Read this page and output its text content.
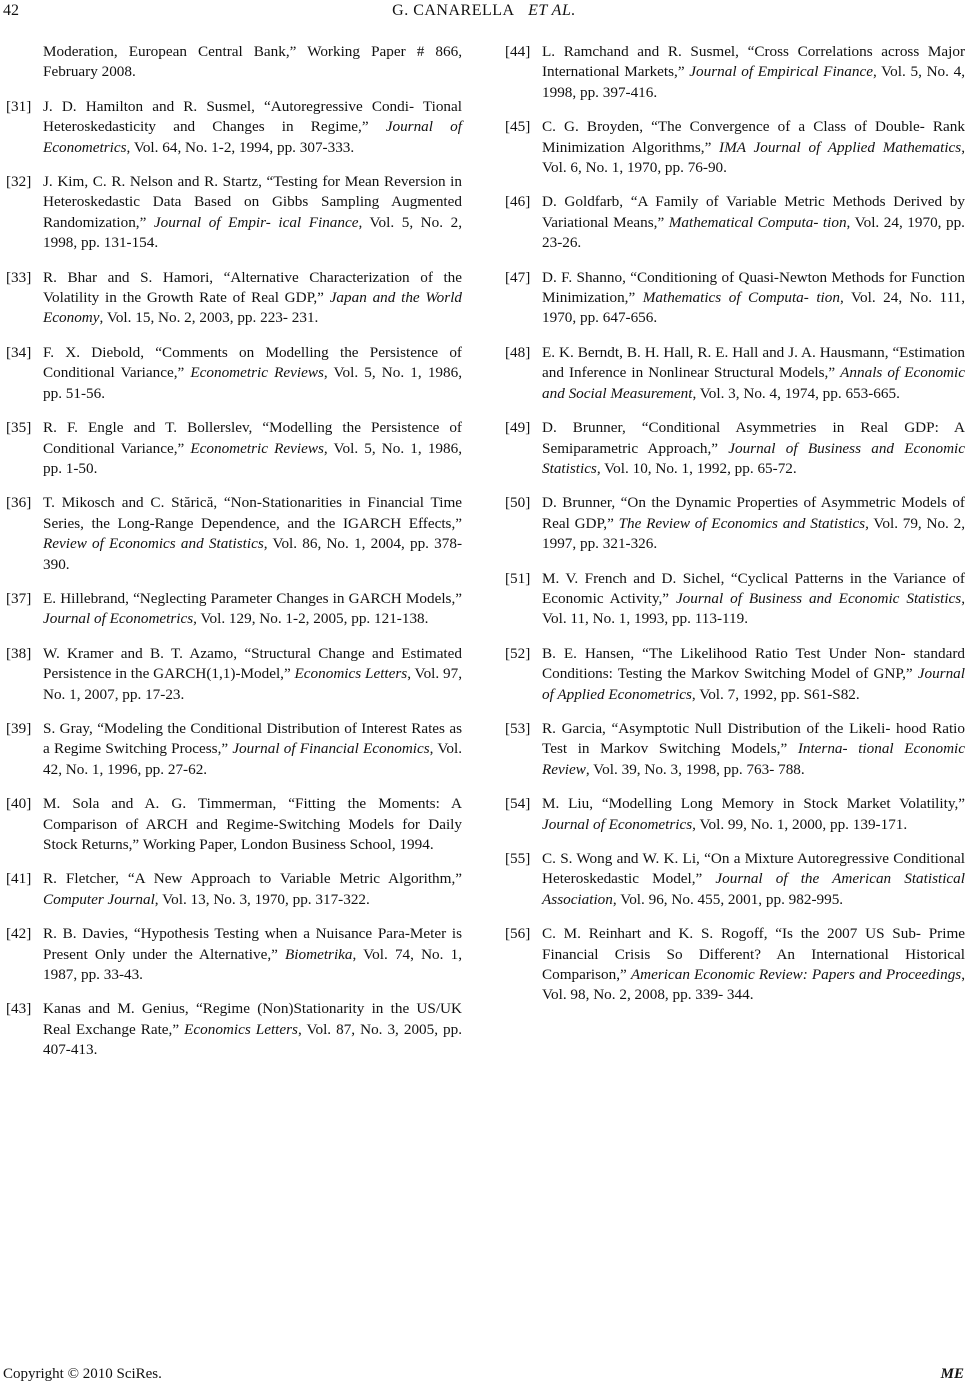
42	G. CANARELLA ET AL.
Moderation, European Central Bank,” Working Paper # 866, February 2008.
[31] J. D. Hamilton and R. Susmel, “Autoregressive Condi- Tional Heteroskedasticity and Changes in Regime,” Journal of Econometrics, Vol. 64, No. 1-2, 1994, pp. 307-333.
[32] J. Kim, C. R. Nelson and R. Startz, “Testing for Mean Reversion in Heteroskedastic Data Based on Gibbs Sampling Augmented Randomization,” Journal of Empir- ical Finance, Vol. 5, No. 2, 1998, pp. 131-154.
[33] R. Bhar and S. Hamori, “Alternative Characterization of the Volatility in the Growth Rate of Real GDP,” Japan and the World Economy, Vol. 15, No. 2, 2003, pp. 223- 231.
[34] F. X. Diebold, “Comments on Modelling the Persistence of Conditional Variance,” Econometric Reviews, Vol. 5, No. 1, 1986, pp. 51-56.
[35] R. F. Engle and T. Bollerslev, “Modelling the Persistence of Conditional Variance,” Econometric Reviews, Vol. 5, No. 1, 1986, pp. 1-50.
[36] T. Mikosch and C. Stărică, “Non-Stationarities in Financial Time Series, the Long-Range Dependence, and the IGARCH Effects,” Review of Economics and Statistics, Vol. 86, No. 1, 2004, pp. 378-390.
[37] E. Hillebrand, “Neglecting Parameter Changes in GARCH Models,” Journal of Econometrics, Vol. 129, No. 1-2, 2005, pp. 121-138.
[38] W. Kramer and B. T. Azamo, “Structural Change and Estimated Persistence in the GARCH(1,1)-Model,” Economics Letters, Vol. 97, No. 1, 2007, pp. 17-23.
[39] S. Gray, “Modeling the Conditional Distribution of Interest Rates as a Regime Switching Process,” Journal of Financial Economics, Vol. 42, No. 1, 1996, pp. 27-62.
[40] M. Sola and A. G. Timmerman, “Fitting the Moments: A Comparison of ARCH and Regime-Switching Models for Daily Stock Returns,” Working Paper, London Business School, 1994.
[41] R. Fletcher, “A New Approach to Variable Metric Algorithm,” Computer Journal, Vol. 13, No. 3, 1970, pp. 317-322.
[42] R. B. Davies, “Hypothesis Testing when a Nuisance Para-Meter is Present Only under the Alternative,” Biometrika, Vol. 74, No. 1, 1987, pp. 33-43.
[43] Kanas and M. Genius, “Regime (Non)Stationarity in the US/UK Real Exchange Rate,” Economics Letters, Vol. 87, No. 3, 2005, pp. 407-413.
[44] L. Ramchand and R. Susmel, “Cross Correlations across Major International Markets,” Journal of Empirical Finance, Vol. 5, No. 4, 1998, pp. 397-416.
[45] C. G. Broyden, “The Convergence of a Class of Double- Rank Minimization Algorithms,” IMA Journal of Applied Mathematics, Vol. 6, No. 1, 1970, pp. 76-90.
[46] D. Goldfarb, “A Family of Variable Metric Methods Derived by Variational Means,” Mathematical Computa- tion, Vol. 24, 1970, pp. 23-26.
[47] D. F. Shanno, “Conditioning of Quasi-Newton Methods for Function Minimization,” Mathematics of Computa- tion, Vol. 24, No. 111, 1970, pp. 647-656.
[48] E. K. Berndt, B. H. Hall, R. E. Hall and J. A. Hausmann, “Estimation and Inference in Nonlinear Structural Models,” Annals of Economic and Social Measurement, Vol. 3, No. 4, 1974, pp. 653-665.
[49] D. Brunner, “Conditional Asymmetries in Real GDP: A Semiparametric Approach,” Journal of Business and Economic Statistics, Vol. 10, No. 1, 1992, pp. 65-72.
[50] D. Brunner, “On the Dynamic Properties of Asymmetric Models of Real GDP,” The Review of Economics and Statistics, Vol. 79, No. 2, 1997, pp. 321-326.
[51] M. V. French and D. Sichel, “Cyclical Patterns in the Variance of Economic Activity,” Journal of Business and Economic Statistics, Vol. 11, No. 1, 1993, pp. 113-119.
[52] B. E. Hansen, “The Likelihood Ratio Test Under Non- standard Conditions: Testing the Markov Switching Model of GNP,” Journal of Applied Econometrics, Vol. 7, 1992, pp. S61-S82.
[53] R. Garcia, “Asymptotic Null Distribution of the Likeli- hood Ratio Test in Markov Switching Models,” Interna- tional Economic Review, Vol. 39, No. 3, 1998, pp. 763- 788.
[54] M. Liu, “Modelling Long Memory in Stock Market Volatility,” Journal of Econometrics, Vol. 99, No. 1, 2000, pp. 139-171.
[55] C. S. Wong and W. K. Li, “On a Mixture Autoregressive Conditional Heteroskedastic Model,” Journal of the American Statistical Association, Vol. 96, No. 455, 2001, pp. 982-995.
[56] C. M. Reinhart and K. S. Rogoff, “Is the 2007 US Sub- Prime Financial Crisis So Different? An International Historical Comparison,” American Economic Review: Papers and Proceedings, Vol. 98, No. 2, 2008, pp. 339- 344.
Copyright © 2010 SciRes.	ME
